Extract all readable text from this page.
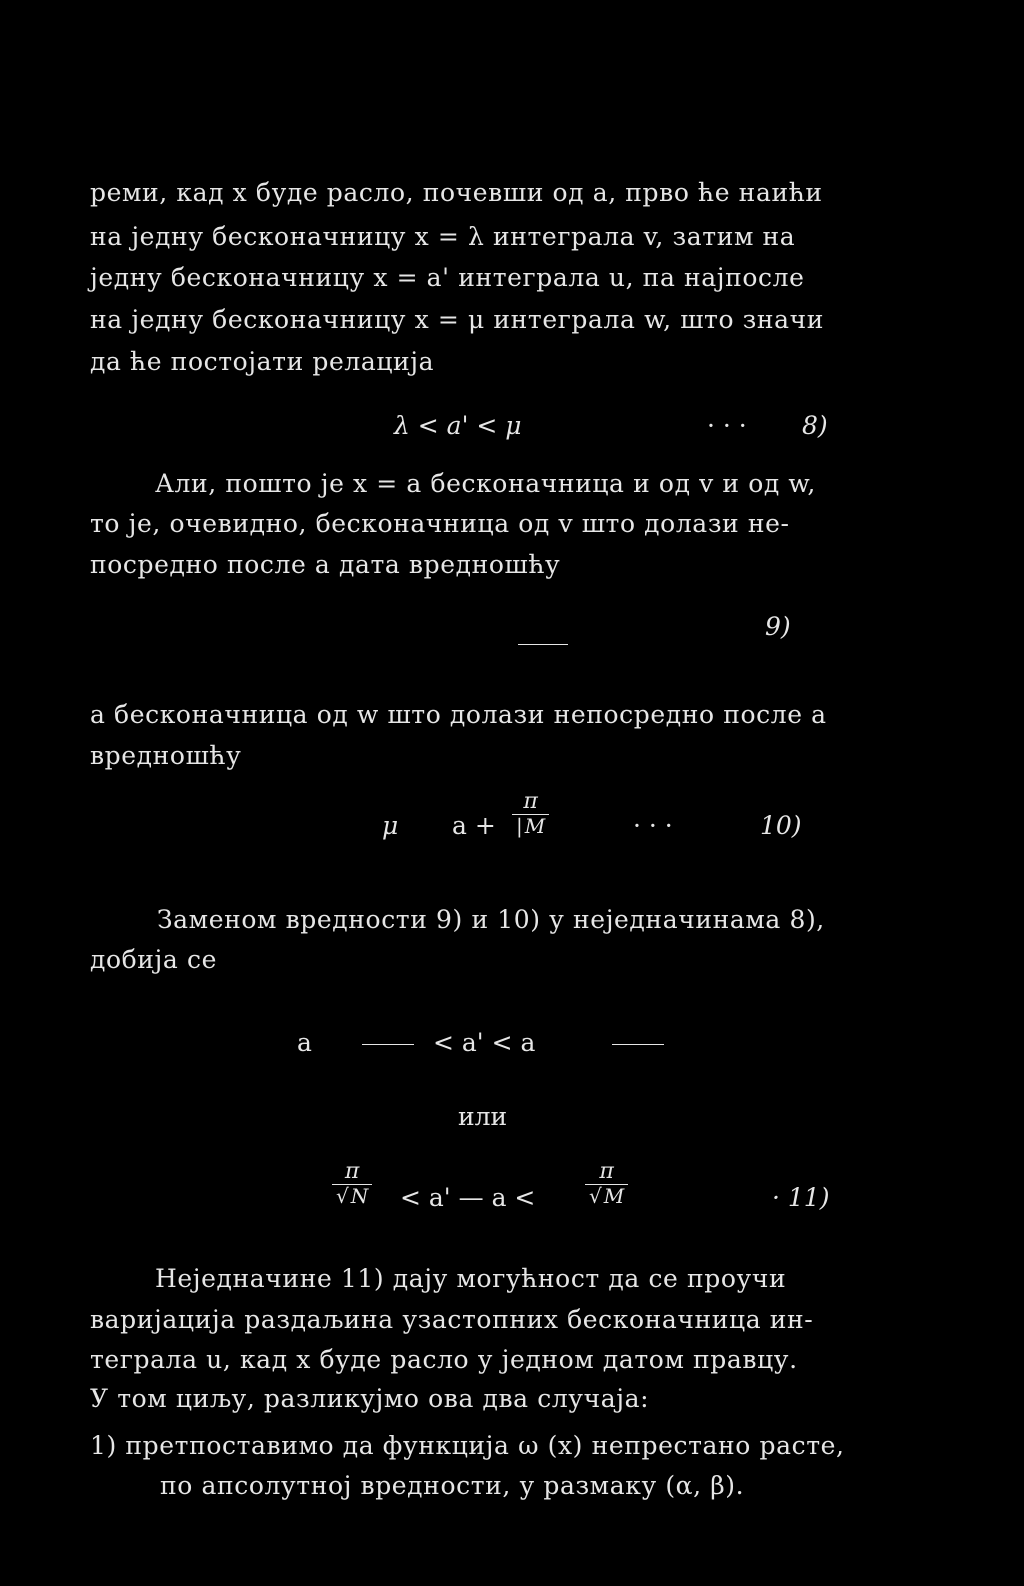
реми, кад x буде расло, почевши од a, прво ће наићи
на једну бесконачницу x = λ интеграла v, затим на
једну бесконачницу x = a' интеграла u, па најпосле
на једну бесконачницу x = μ интеграла w, што значи
да ће постојати релација
λ < a' < μ	· · · 8)
Али, пошто је x = a бесконачница и од v и од w,
то је, очевидно, бесконачница од v што долази не-
посредно после a дата вредношћу
9)
a бесконачница од w што долази непосредно после a
вредношћу
μ $a + \frac{\pi}{| M}$	· · ·	10)
Заменом вредности 9) и 10) у неједначинама 8),
добија се
a	< a' < a
или
$\frac{\pi}{√ N} < a'$ — $a < \frac{\pi}{√ M}$	· 11)
Неједначине 11) дају могућност да се проучи
варијација раздаљина узастопних бесконачница ин-
теграла u, кад x буде расло у једном датом правцу.
У том циљу, разликујмо ова два случаја:
1) претпоставимо да функција ω (x) непрестано расте,
по апсолутној вредности, у размаку (α, β).
